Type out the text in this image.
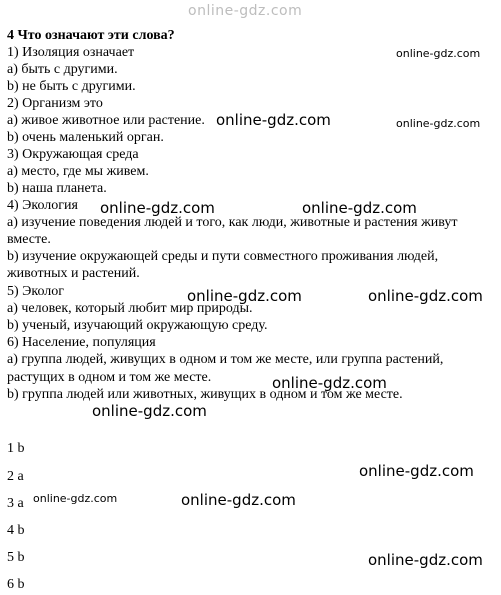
online-gdz.com
online-gdz.com
online-gdz.com
online-gdz.com
online-gdz.com	online-gdz.com
online-gdz.com	online-gdz.com
online-gdz.com
online-gdz.com
online-gdz.com
online-gdz.com	online-gdz.com
online-gdz.com
4 Что означают эти слова?
1) Изоляция означает
a) быть с другими.
b) не быть с другими.
2) Организм это
a) живое животное или растение.
b) очень маленький орган.
3) Окружающая среда
a) место, где мы живем.
b) наша планета.
4) Экология
a) изучение поведения людей и того, как люди, животные и растения живут
вместе.
b) изучение окружающей среды и пути совместного проживания людей,
животных и растений.
5) Эколог
a) человек, который любит мир природы.
b) ученый, изучающий окружающую среду.
6) Население, популяция
a) группа людей, живущих в одном и том же месте, или группа растений,
растущих в одном и том же месте.
b) группа людей или животных, живущих в одном и том же месте.
1 b
2 a
3 a
4 b
5 b
6 b
